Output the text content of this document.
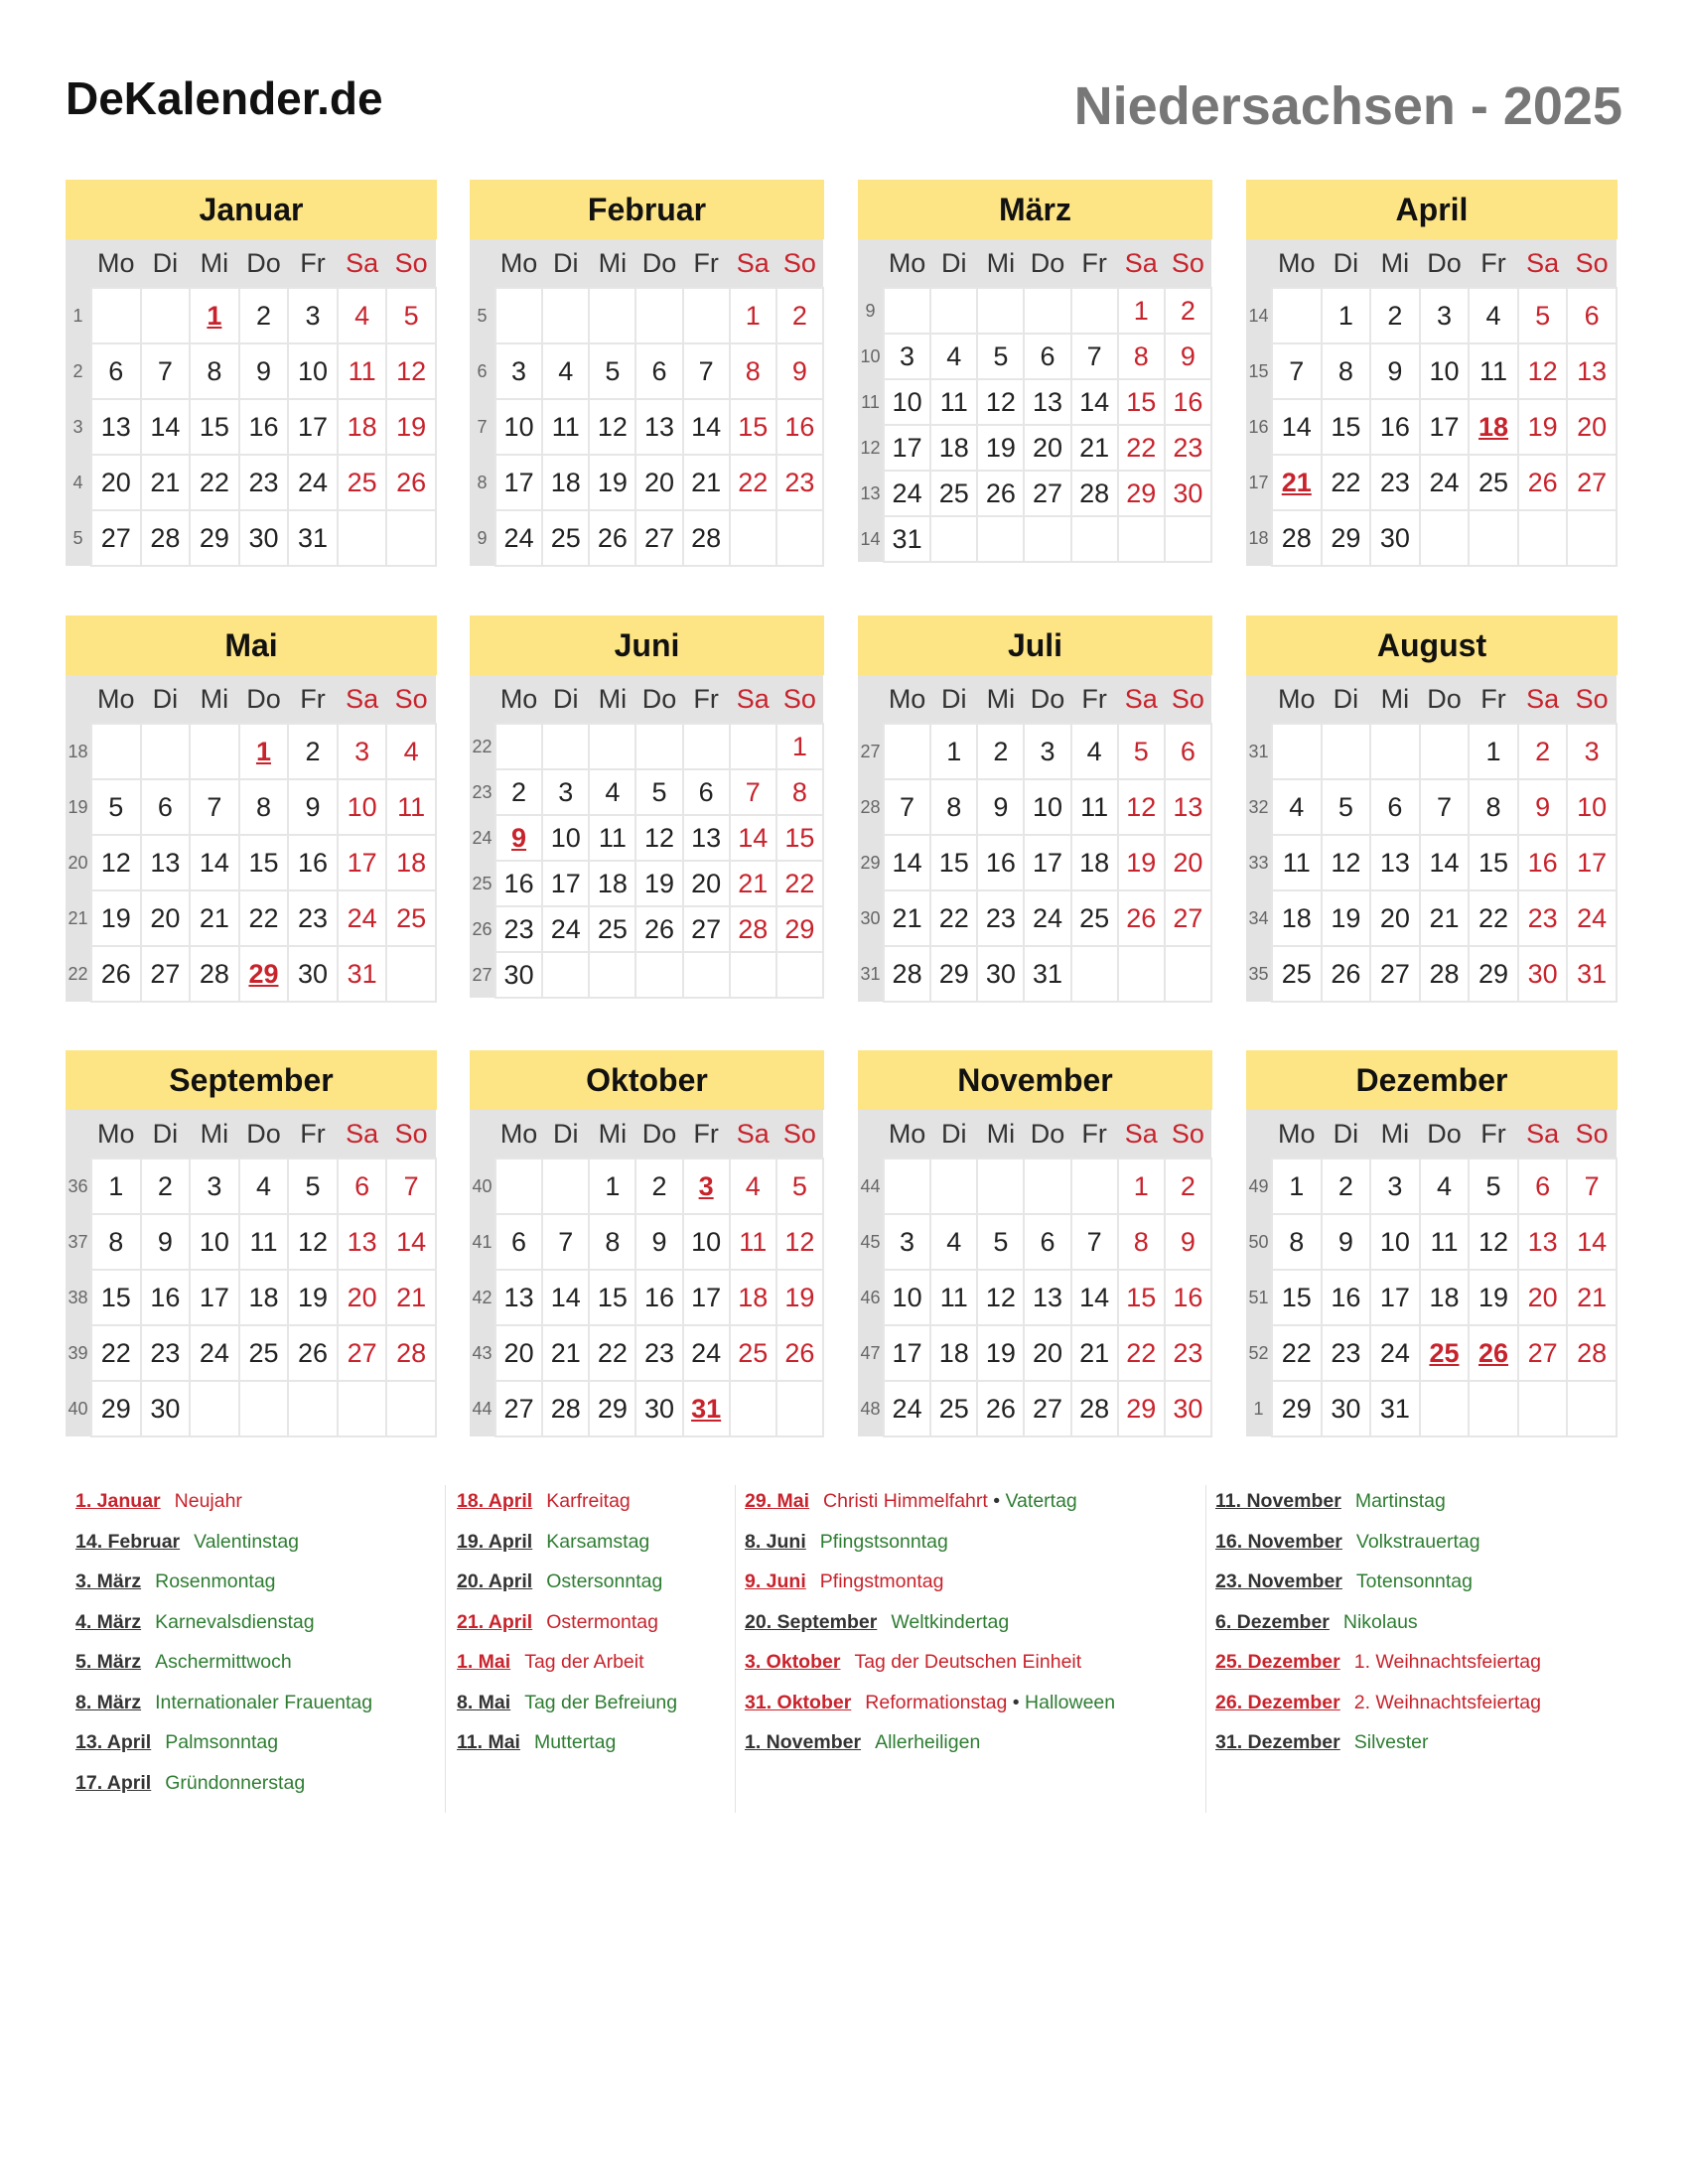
DeKalender.de	Niedersachsen - 2025
Januar
	Mo	Di	Mi	Do	Fr	Sa	So
1			1	2	3	4	5
2	6	7	8	9	10	11	12
3	13	14	15	16	17	18	19
4	20	21	22	23	24	25	26
5	27	28	29	30	31		
Februar
	Mo	Di	Mi	Do	Fr	Sa	So
5						1	2
6	3	4	5	6	7	8	9
7	10	11	12	13	14	15	16
8	17	18	19	20	21	22	23
9	24	25	26	27	28		
März
	Mo	Di	Mi	Do	Fr	Sa	So
9						1	2
10	3	4	5	6	7	8	9
11	10	11	12	13	14	15	16
12	17	18	19	20	21	22	23
13	24	25	26	27	28	29	30
14	31						
April
	Mo	Di	Mi	Do	Fr	Sa	So
14		1	2	3	4	5	6
15	7	8	9	10	11	12	13
16	14	15	16	17	18	19	20
17	21	22	23	24	25	26	27
18	28	29	30				
Mai
	Mo	Di	Mi	Do	Fr	Sa	So
18				1	2	3	4
19	5	6	7	8	9	10	11
20	12	13	14	15	16	17	18
21	19	20	21	22	23	24	25
22	26	27	28	29	30	31	
Juni
	Mo	Di	Mi	Do	Fr	Sa	So
22							1
23	2	3	4	5	6	7	8
24	9	10	11	12	13	14	15
25	16	17	18	19	20	21	22
26	23	24	25	26	27	28	29
27	30						
Juli
	Mo	Di	Mi	Do	Fr	Sa	So
27		1	2	3	4	5	6
28	7	8	9	10	11	12	13
29	14	15	16	17	18	19	20
30	21	22	23	24	25	26	27
31	28	29	30	31			
August
	Mo	Di	Mi	Do	Fr	Sa	So
31					1	2	3
32	4	5	6	7	8	9	10
33	11	12	13	14	15	16	17
34	18	19	20	21	22	23	24
35	25	26	27	28	29	30	31
September
	Mo	Di	Mi	Do	Fr	Sa	So
36	1	2	3	4	5	6	7
37	8	9	10	11	12	13	14
38	15	16	17	18	19	20	21
39	22	23	24	25	26	27	28
40	29	30					
Oktober
	Mo	Di	Mi	Do	Fr	Sa	So
40			1	2	3	4	5
41	6	7	8	9	10	11	12
42	13	14	15	16	17	18	19
43	20	21	22	23	24	25	26
44	27	28	29	30	31		
November
	Mo	Di	Mi	Do	Fr	Sa	So
44						1	2
45	3	4	5	6	7	8	9
46	10	11	12	13	14	15	16
47	17	18	19	20	21	22	23
48	24	25	26	27	28	29	30
Dezember
	Mo	Di	Mi	Do	Fr	Sa	So
49	1	2	3	4	5	6	7
50	8	9	10	11	12	13	14
51	15	16	17	18	19	20	21
52	22	23	24	25	26	27	28
1	29	30	31				
1. Januar Neujahr
14. Februar Valentinstag
3. März Rosenmontag
4. März Karnevalsdienstag
5. März Aschermittwoch
8. März Internationaler Frauentag
13. April Palmsonntag
17. April Gründonnerstag
18. April Karfreitag
19. April Karsamstag
20. April Ostersonntag
21. April Ostermontag
1. Mai Tag der Arbeit
8. Mai Tag der Befreiung
11. Mai Muttertag
29. Mai Christi Himmelfahrt • Vatertag
8. Juni Pfingstsonntag
9. Juni Pfingstmontag
20. September Weltkindertag
3. Oktober Tag der Deutschen Einheit
31. Oktober Reformationstag • Halloween
1. November Allerheiligen
11. November Martinstag
16. November Volkstrauertag
23. November Totensonntag
6. Dezember Nikolaus
25. Dezember 1. Weihnachtsfeiertag
26. Dezember 2. Weihnachtsfeiertag
31. Dezember Silvester
